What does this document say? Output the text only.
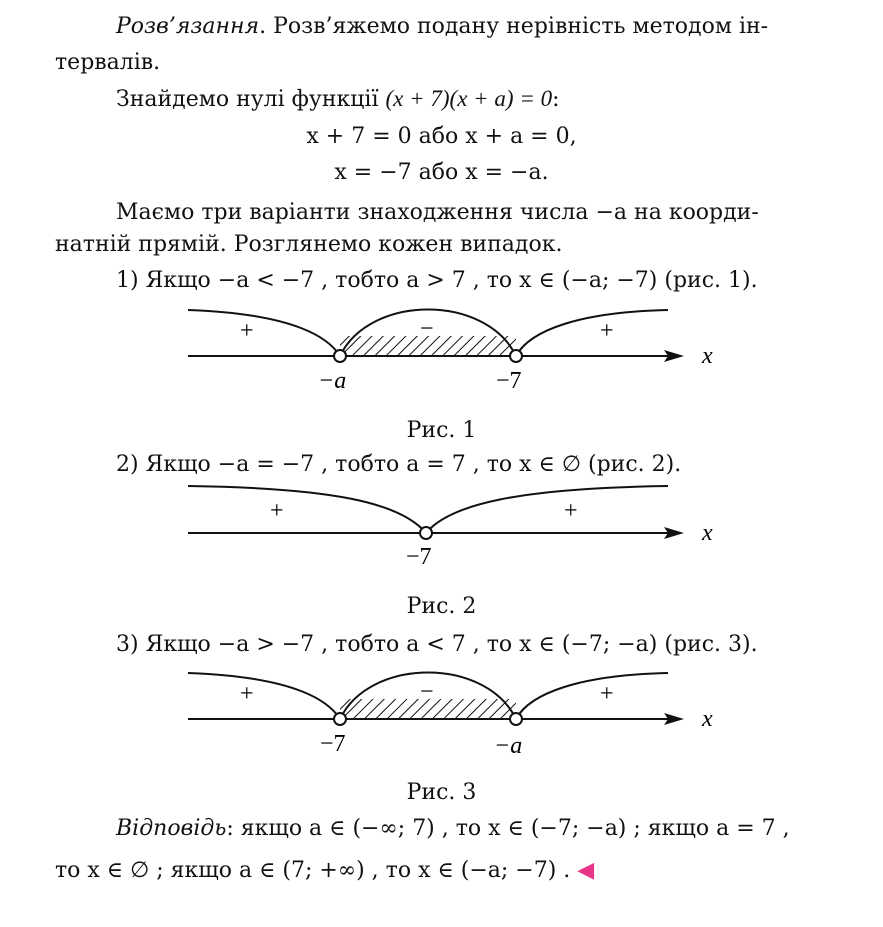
Розв’язання. Розв’яжемо подану нерівність методом ін-
тервалів.
Знайдемо нулі функції (x + 7)(x + a) = 0:
x + 7 = 0 або x + a = 0,
x = −7 або x = −a.
Маємо три варіанти знаходження числа −a на коорди-
натній прямій. Розглянемо кожен випадок.
1) Якщо −a < −7 , тобто a > 7 , то x ∈ (−a; −7) (рис. 1).
+	−	+
−a	−7
x
Рис. 1
2) Якщо −a = −7 , тобто a = 7 , то x ∈ ∅ (рис. 2).
+	+
−7
x
Рис. 2
3) Якщо −a > −7 , тобто a < 7 , то x ∈ (−7; −a) (рис. 3).
+	−	+
−7	−a
x
Рис. 3
Відповідь: якщо a ∈ (−∞; 7) , то x ∈ (−7; −a) ; якщо a = 7 ,
то x ∈ ∅ ; якщо a ∈ (7; +∞) , то x ∈ (−a; −7) . ◀
